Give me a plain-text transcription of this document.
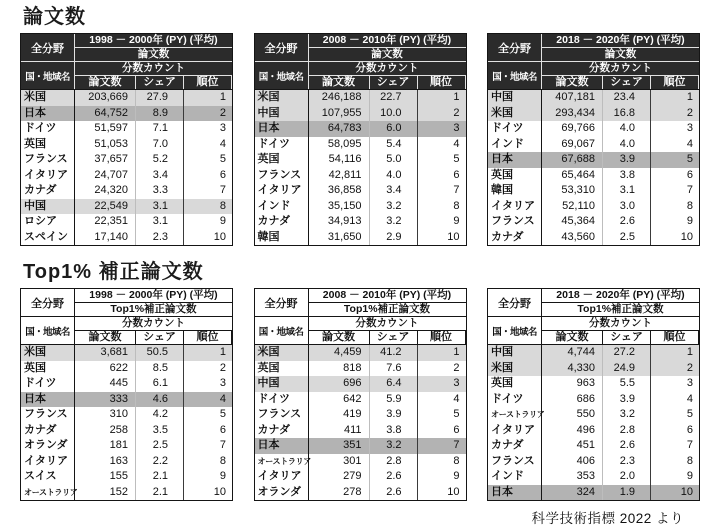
論文数
全分野
1998 － 2000年 (PY) (平均)
論文数
国・地域名
分数カウント
論文数	シェア	順位
米国	203,669	27.9	1
日本	64,752	8.9	2
ドイツ	51,597	7.1	3
英国	51,053	7.0	4
フランス	37,657	5.2	5
イタリア	24,707	3.4	6
カナダ	24,320	3.3	7
中国	22,549	3.1	8
ロシア	22,351	3.1	9
スペイン	17,140	2.3	10
全分野
2008 － 2010年 (PY) (平均)
論文数
国・地域名
分数カウント
論文数	シェア	順位
米国	246,188	22.7	1
中国	107,955	10.0	2
日本	64,783	6.0	3
ドイツ	58,095	5.4	4
英国	54,116	5.0	5
フランス	42,811	4.0	6
イタリア	36,858	3.4	7
インド	35,150	3.2	8
カナダ	34,913	3.2	9
韓国	31,650	2.9	10
全分野
2018 － 2020年 (PY) (平均)
論文数
国・地域名
分数カウント
論文数	シェア	順位
中国	407,181	23.4	1
米国	293,434	16.8	2
ドイツ	69,766	4.0	3
インド	69,067	4.0	4
日本	67,688	3.9	5
英国	65,464	3.8	6
韓国	53,310	3.1	7
イタリア	52,110	3.0	8
フランス	45,364	2.6	9
カナダ	43,560	2.5	10
Top1% 補正論文数
全分野
1998 － 2000年 (PY) (平均)
Top1%補正論文数
国・地域名
分数カウント
論文数	シェア	順位
米国	3,681	50.5	1
英国	622	8.5	2
ドイツ	445	6.1	3
日本	333	4.6	4
フランス	310	4.2	5
カナダ	258	3.5	6
オランダ	181	2.5	7
イタリア	163	2.2	8
スイス	155	2.1	9
オーストラリア	152	2.1	10
全分野
2008 － 2010年 (PY) (平均)
Top1%補正論文数
国・地域名
分数カウント
論文数	シェア	順位
米国	4,459	41.2	1
英国	818	7.6	2
中国	696	6.4	3
ドイツ	642	5.9	4
フランス	419	3.9	5
カナダ	411	3.8	6
日本	351	3.2	7
オーストラリア	301	2.8	8
イタリア	279	2.6	9
オランダ	278	2.6	10
全分野
2018 － 2020年 (PY) (平均)
Top1%補正論文数
国・地域名
分数カウント
論文数	シェア	順位
中国	4,744	27.2	1
米国	4,330	24.9	2
英国	963	5.5	3
ドイツ	686	3.9	4
オーストラリア	550	3.2	5
イタリア	496	2.8	6
カナダ	451	2.6	7
フランス	406	2.3	8
インド	353	2.0	9
日本	324	1.9	10
科学技術指標 2022 より
